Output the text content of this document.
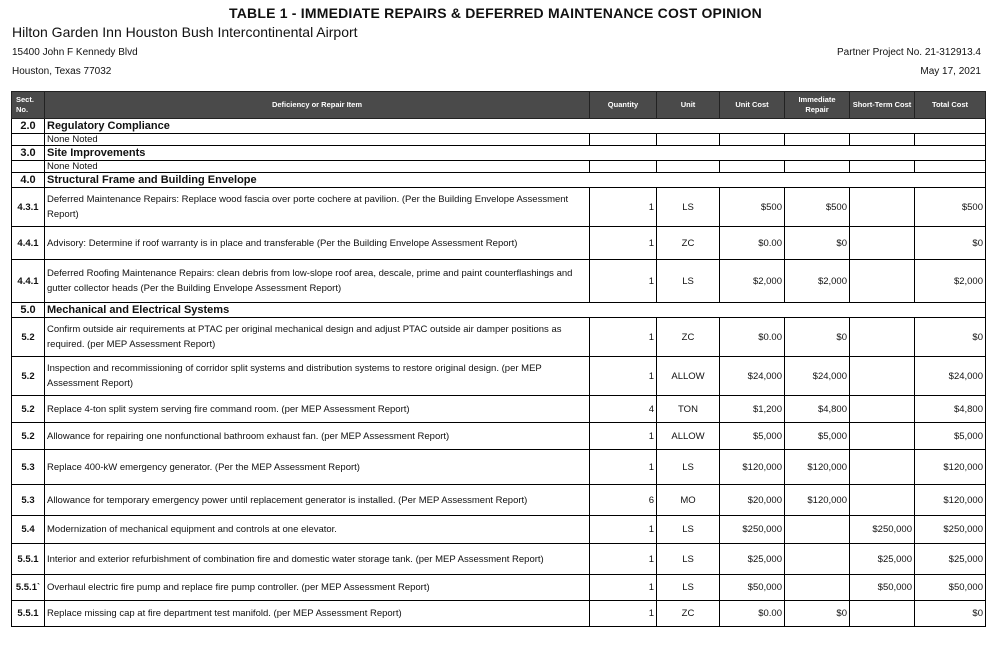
TABLE 1 - IMMEDIATE REPAIRS & DEFERRED MAINTENANCE COST OPINION
Hilton Garden Inn Houston Bush Intercontinental Airport
15400 John F Kennedy Blvd
Houston, Texas 77032
Partner Project No. 21-312913.4
May 17, 2021
Sect. No.	Deficiency or Repair Item	Quantity	Unit	Unit Cost	Immediate Repair	Short-Term Cost	Total Cost
2.0	Regulatory Compliance						
	None Noted						
3.0	Site Improvements						
	None Noted						
4.0	Structural Frame and Building Envelope						
4.3.1	Deferred Maintenance Repairs: Replace wood fascia over porte cochere at pavilion. (Per the Building Envelope Assessment Report)	1	LS	$500	$500		$500
4.4.1	Advisory: Determine if roof warranty is in place and transferable (Per the Building Envelope Assessment Report)	1	ZC	$0.00	$0		$0
4.4.1	Deferred Roofing Maintenance Repairs: clean debris from low-slope roof area, descale, prime and paint counterflashings and gutter collector heads (Per the Building Envelope Assessment Report)	1	LS	$2,000	$2,000		$2,000
5.0	Mechanical and Electrical Systems						
5.2	Confirm outside air requirements at PTAC per original mechanical design and adjust PTAC outside air damper positions as required. (per MEP Assessment Report)	1	ZC	$0.00	$0		$0
5.2	Inspection and recommissioning of corridor split systems and distribution systems to restore original design. (per MEP Assessment Report)	1	ALLOW	$24,000	$24,000		$24,000
5.2	Replace 4-ton split system serving fire command room. (per MEP Assessment Report)	4	TON	$1,200	$4,800		$4,800
5.2	Allowance for repairing one nonfunctional bathroom exhaust fan. (per MEP Assessment Report)	1	ALLOW	$5,000	$5,000		$5,000
5.3	Replace 400-kW emergency generator. (Per the MEP Assessment Report)	1	LS	$120,000	$120,000		$120,000
5.3	Allowance for temporary emergency power until replacement generator is installed. (Per MEP Assessment Report)	6	MO	$20,000	$120,000		$120,000
5.4	Modernization of mechanical equipment and controls at one elevator.	1	LS	$250,000		$250,000	$250,000
5.5.1	Interior and exterior refurbishment of combination fire and domestic water storage tank. (per MEP Assessment Report)	1	LS	$25,000		$25,000	$25,000
5.5.1`	Overhaul electric fire pump and replace fire pump controller. (per MEP Assessment Report)	1	LS	$50,000		$50,000	$50,000
5.5.1	Replace missing cap at fire department test manifold. (per MEP Assessment Report)	1	ZC	$0.00	$0		$0
